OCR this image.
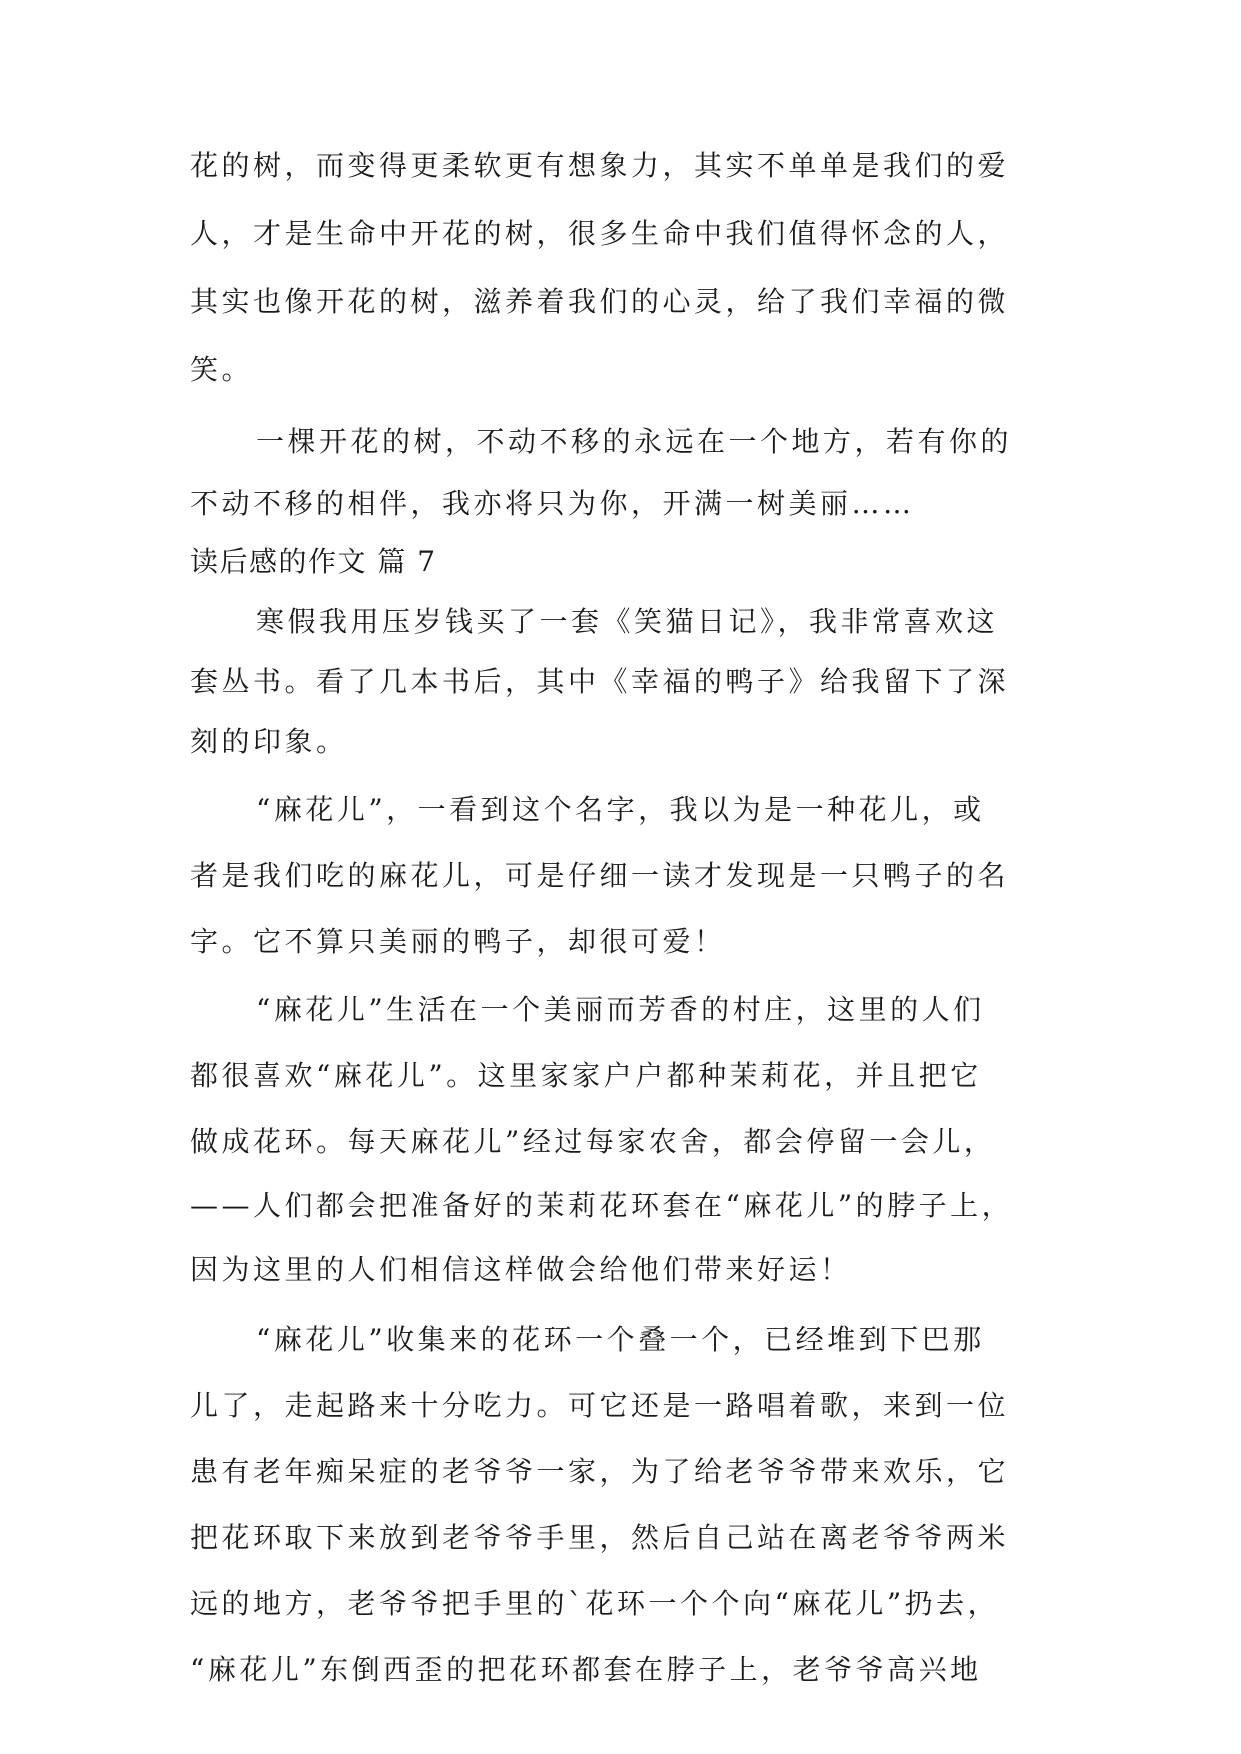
花的树，而变得更柔软更有想象力，其实不单单是我们的爱
人，才是生命中开花的树，很多生命中我们值得怀念的人，
其实也像开花的树，滋养着我们的心灵，给了我们幸福的微
笑。
一棵开花的树，不动不移的永远在一个地方，若有你的
不动不移的相伴，我亦将只为你，开满一树美丽……
读后感的作文 篇 7
寒假我用压岁钱买了一套《笑猫日记》，我非常喜欢这
套丛书。看了几本书后，其中《幸福的鸭子》给我留下了深
刻的印象。
“麻花儿”，一看到这个名字，我以为是一种花儿，或
者是我们吃的麻花儿，可是仔细一读才发现是一只鸭子的名
字。它不算只美丽的鸭子，却很可爱！
“麻花儿”生活在一个美丽而芳香的村庄，这里的人们
都很喜欢“麻花儿”。这里家家户户都种茉莉花，并且把它
做成花环。每天麻花儿”经过每家农舍，都会停留一会儿，
——人们都会把准备好的茉莉花环套在“麻花儿”的脖子上，
因为这里的人们相信这样做会给他们带来好运！
“麻花儿”收集来的花环一个叠一个，已经堆到下巴那
儿了，走起路来十分吃力。可它还是一路唱着歌，来到一位
患有老年痴呆症的老爷爷一家，为了给老爷爷带来欢乐，它
把花环取下来放到老爷爷手里，然后自己站在离老爷爷两米
远的地方，老爷爷把手里的`花环一个个向“麻花儿”扔去，
“麻花儿”东倒西歪的把花环都套在脖子上，老爷爷高兴地
